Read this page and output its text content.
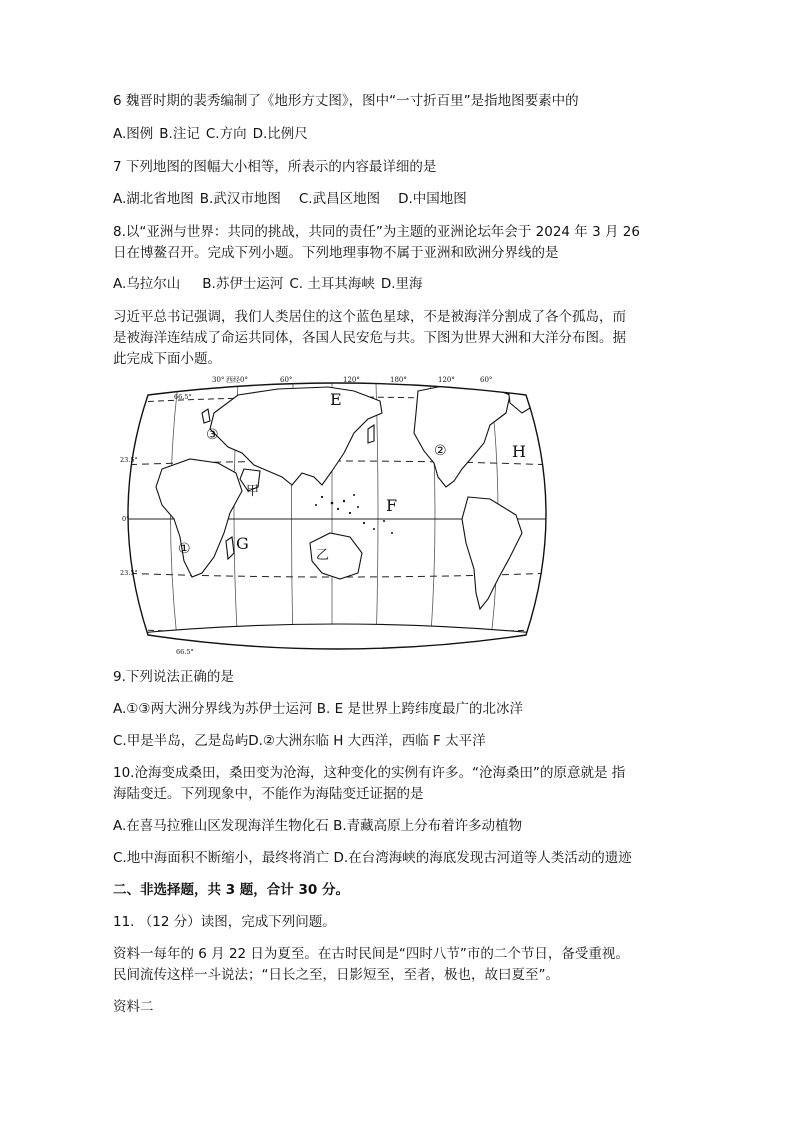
6 魏晋时期的裴秀编制了《地形方丈图》，图中“一寸折百里”是指地图要素中的
A.图例 B.注记 C.方向 D.比例尺
7 下列地图的图幅大小相等，所表示的内容最详细的是
A.湖北省地图 B.武汉市地图 C.武昌区地图 D.中国地图
8.以“亚洲与世界：共同的挑战，共同的责任”为主题的亚洲论坛年会于 2024 年 3 月 26
日在博鳌召开。完成下列小题。下列地理事物不属于亚洲和欧洲分界线的是
A.乌拉尔山 B.苏伊士运河 C. 土耳其海峡 D.里海
习近平总书记强调，我们人类居住的这个蓝色星球，不是被海洋分割成了各个孤岛，而
是被海洋连结成了命运共同体，各国人民安危与共。下图为世界大洲和大洋分布图。据
此完成下面小题。
30° 西经0°	60°	120°	180°	120°	60°
66.5°
23.5°
0°
23.5°
66.5°
E
F
G
H
①
②
③
甲
乙
9.下列说法正确的是
A.①③两大洲分界线为苏伊士运河 B. E 是世界上跨纬度最广的北冰洋
C.甲是半岛，乙是岛屿D.②大洲东临 H 大西洋，西临 F 太平洋
10.沧海变成桑田，桑田变为沧海，这种变化的实例有许多。“沧海桑田”的原意就是 指
海陆变迁。下列现象中，不能作为海陆变迁证据的是
A.在喜马拉雅山区发现海洋生物化石 B.青藏高原上分布着许多动植物
C.地中海面积不断缩小，最终将消亡 D.在台湾海峡的海底发现古河道等人类活动的遗迹
二、非选择题，共 3 题，合计 30 分。
11. （12 分）读图，完成下列问题。
资料一每年的 6 月 22 日为夏至。在古时民间是“四时八节”市的二个节日，备受重视。
民间流传这样一斗说法；“日长之至，日影短至，至者，极也，故曰夏至”。
资料二
